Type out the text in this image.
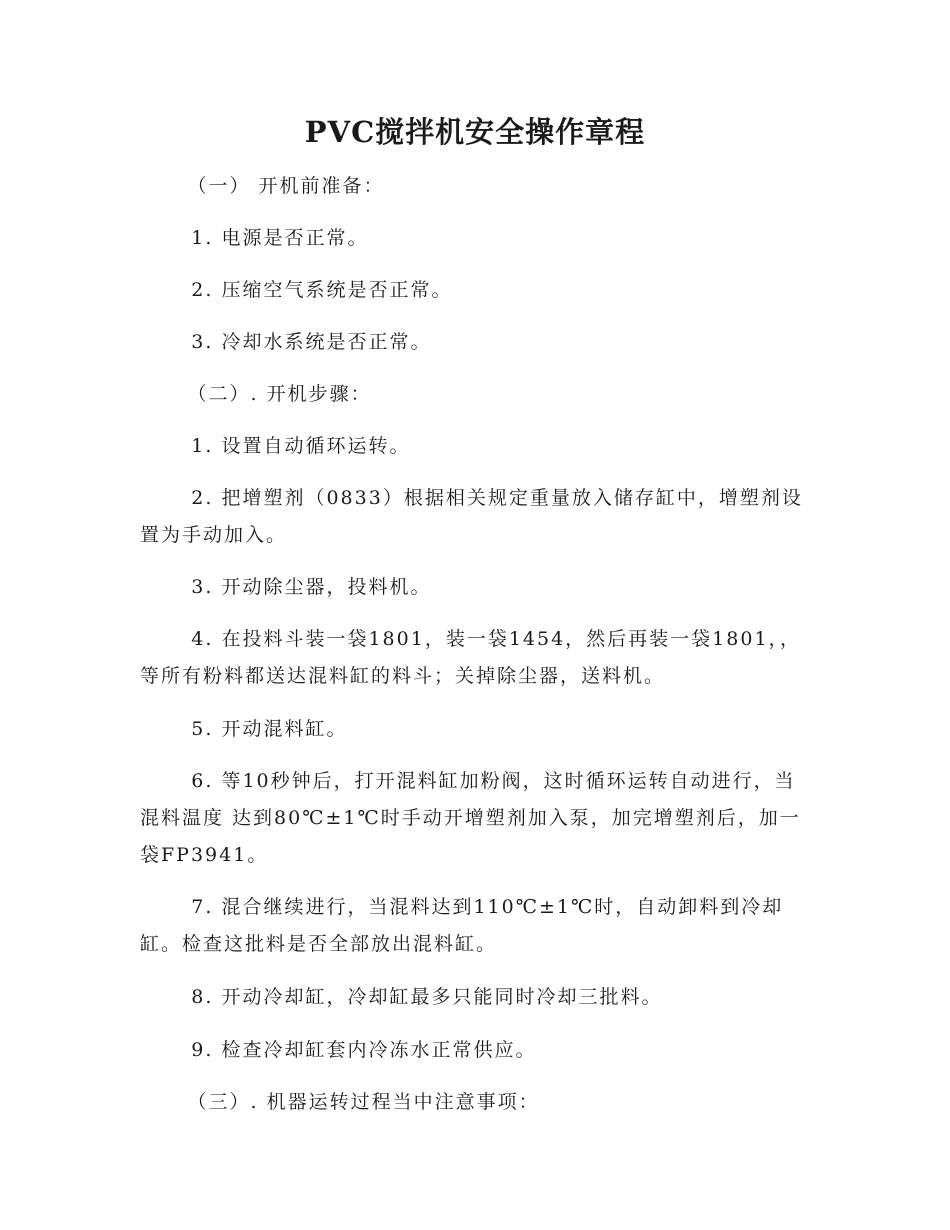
PVC搅拌机安全操作章程

（一） 开机前准备：

1. 电源是否正常。

2. 压缩空气系统是否正常。

3. 冷却水系统是否正常。

（二）. 开机步骤：

1. 设置自动循环运转。

2. 把增塑剂（0833）根据相关规定重量放入储存缸中，增塑剂设置为手动加入。

3. 开动除尘器，投料机。

4. 在投料斗装一袋1801，装一袋1454，然后再装一袋1801，，等所有粉料都送达混料缸的料斗；关掉除尘器，送料机。

5. 开动混料缸。

6. 等10秒钟后，打开混料缸加粉阀，这时循环运转自动进行，当混料温度 达到80℃±1℃时手动开增塑剂加入泵，加完增塑剂后，加一袋FP3941。

7. 混合继续进行，当混料达到110℃±1℃时，自动卸料到冷却缸。检查这批料是否全部放出混料缸。

8. 开动冷却缸，冷却缸最多只能同时冷却三批料。

9. 检查冷却缸套内冷冻水正常供应。

（三）. 机器运转过程当中注意事项：
